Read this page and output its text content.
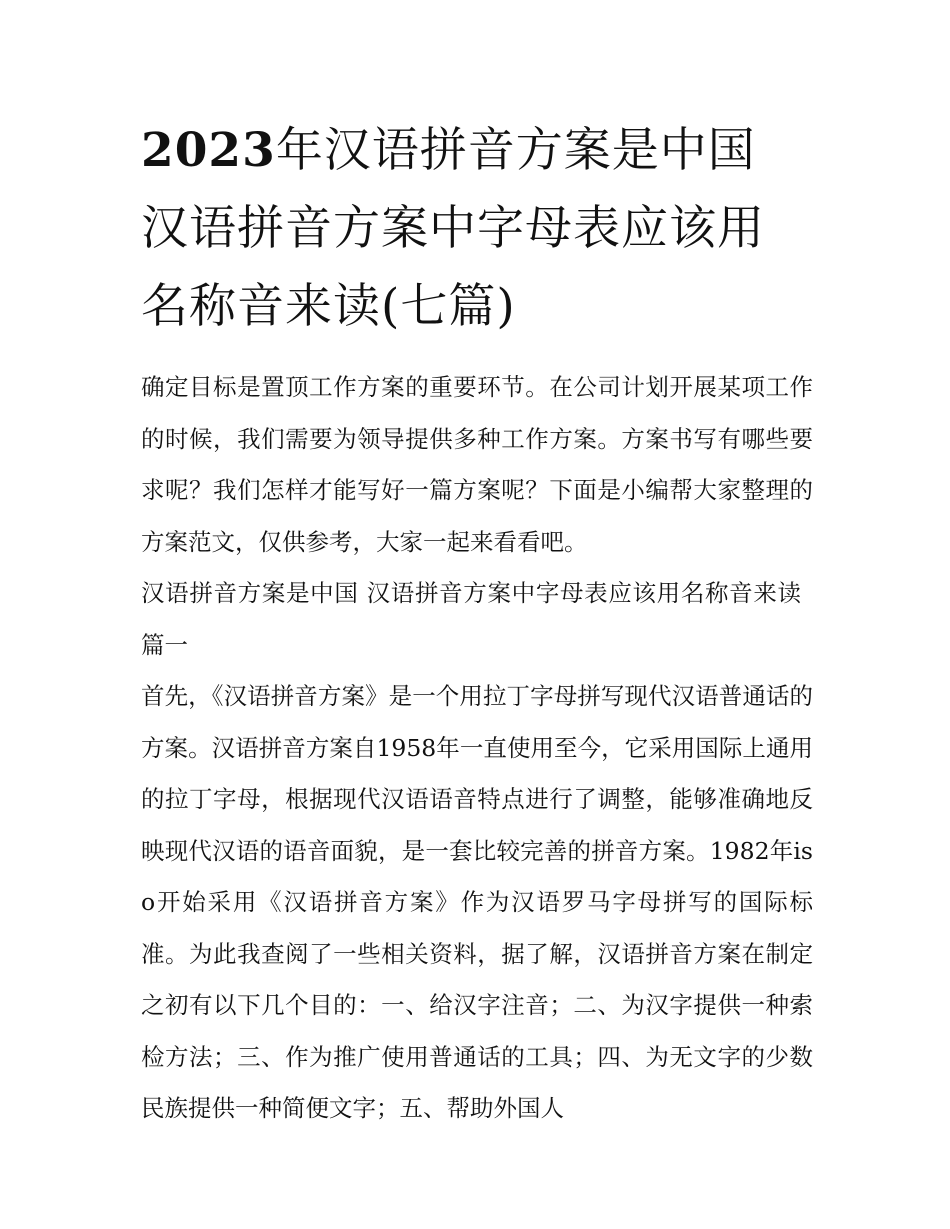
2023年汉语拼音方案是中国 汉语拼音方案中字母表应该用名称音来读(七篇)

确定目标是置顶工作方案的重要环节。在公司计划开展某项工作的时候，我们需要为领导提供多种工作方案。方案书写有哪些要求呢？我们怎样才能写好一篇方案呢？下面是小编帮大家整理的方案范文，仅供参考，大家一起来看看吧。

汉语拼音方案是中国 汉语拼音方案中字母表应该用名称音来读篇一

首先，《汉语拼音方案》是一个用拉丁字母拼写现代汉语普通话的方案。汉语拼音方案自1958年一直使用至今，它采用国际上通用的拉丁字母，根据现代汉语语音特点进行了调整，能够准确地反映现代汉语的语音面貌，是一套比较完善的拼音方案。1982年iso开始采用《汉语拼音方案》作为汉语罗马字母拼写的国际标准。为此我查阅了一些相关资料，据了解，汉语拼音方案在制定之初有以下几个目的：一、给汉字注音；二、为汉字提供一种索检方法；三、作为推广使用普通话的工具；四、为无文字的少数民族提供一种简便文字；五、帮助外国人
